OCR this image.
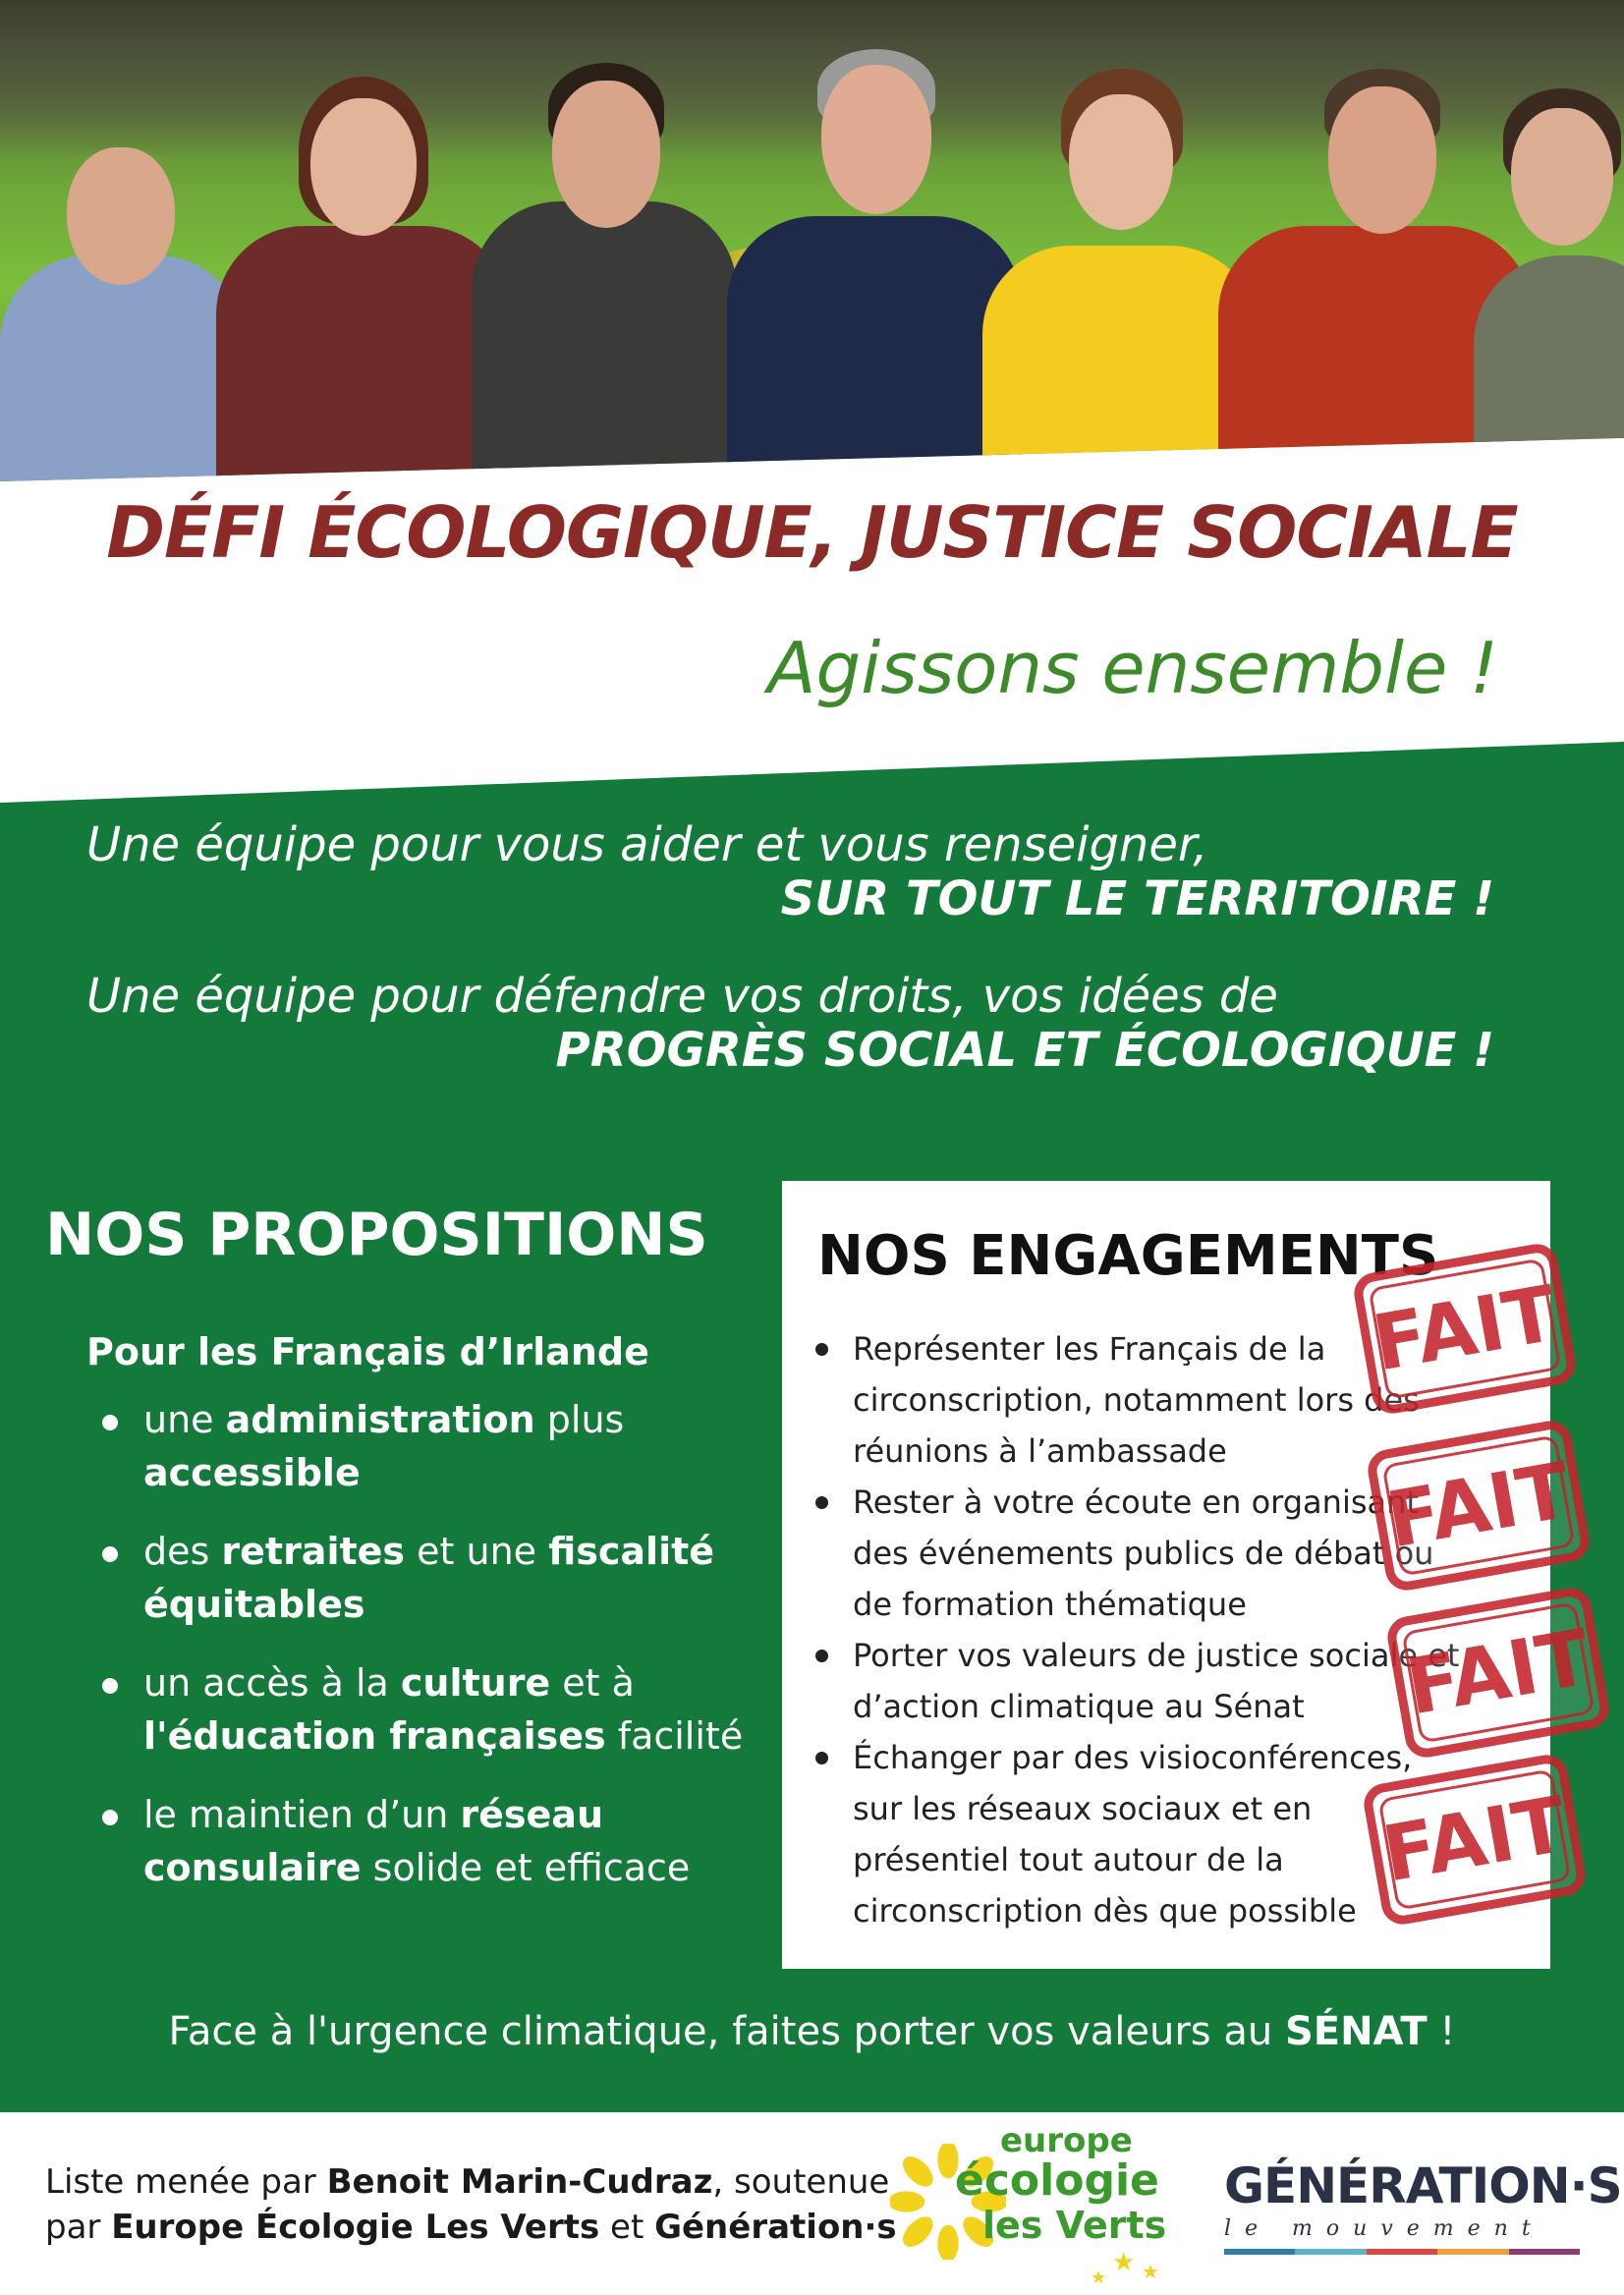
DÉFI ÉCOLOGIQUE, JUSTICE SOCIALE

Agissons ensemble !

Une équipe pour vous aider et vous renseigner,

SUR TOUT LE TERRITOIRE !

Une équipe pour défendre vos droits, vos idées de

PROGRÈS SOCIAL ET ÉCOLOGIQUE !

NOS PROPOSITIONS

Pour les Français d’Irlande

une administration plus accessible
des retraites et une fiscalité équitables
un accès à la culture et à l'éducation françaises facilité
le maintien d’un réseau consulaire solide et efficace
NOS ENGAGEMENTS
Représenter les Français de la circonscription, notamment lors des réunions à l’ambassade
Rester à votre écoute en organisant des événements publics de débat ou de formation thématique
Porter vos valeurs de justice sociale et d’action climatique au Sénat
Échanger par des visioconférences, sur les réseaux sociaux et en présentiel tout autour de la circonscription dès que possible
FAIT
FAIT
FAIT
FAIT

Face à l'urgence climatique, faites porter vos valeurs au SÉNAT !

Liste menée par Benoit Marin-Cudraz, soutenue
par Europe Écologie Les Verts et Génération·s

europe
écologie
les Verts
★ ★
★
GÉNÉRATION·S
le mouvement
